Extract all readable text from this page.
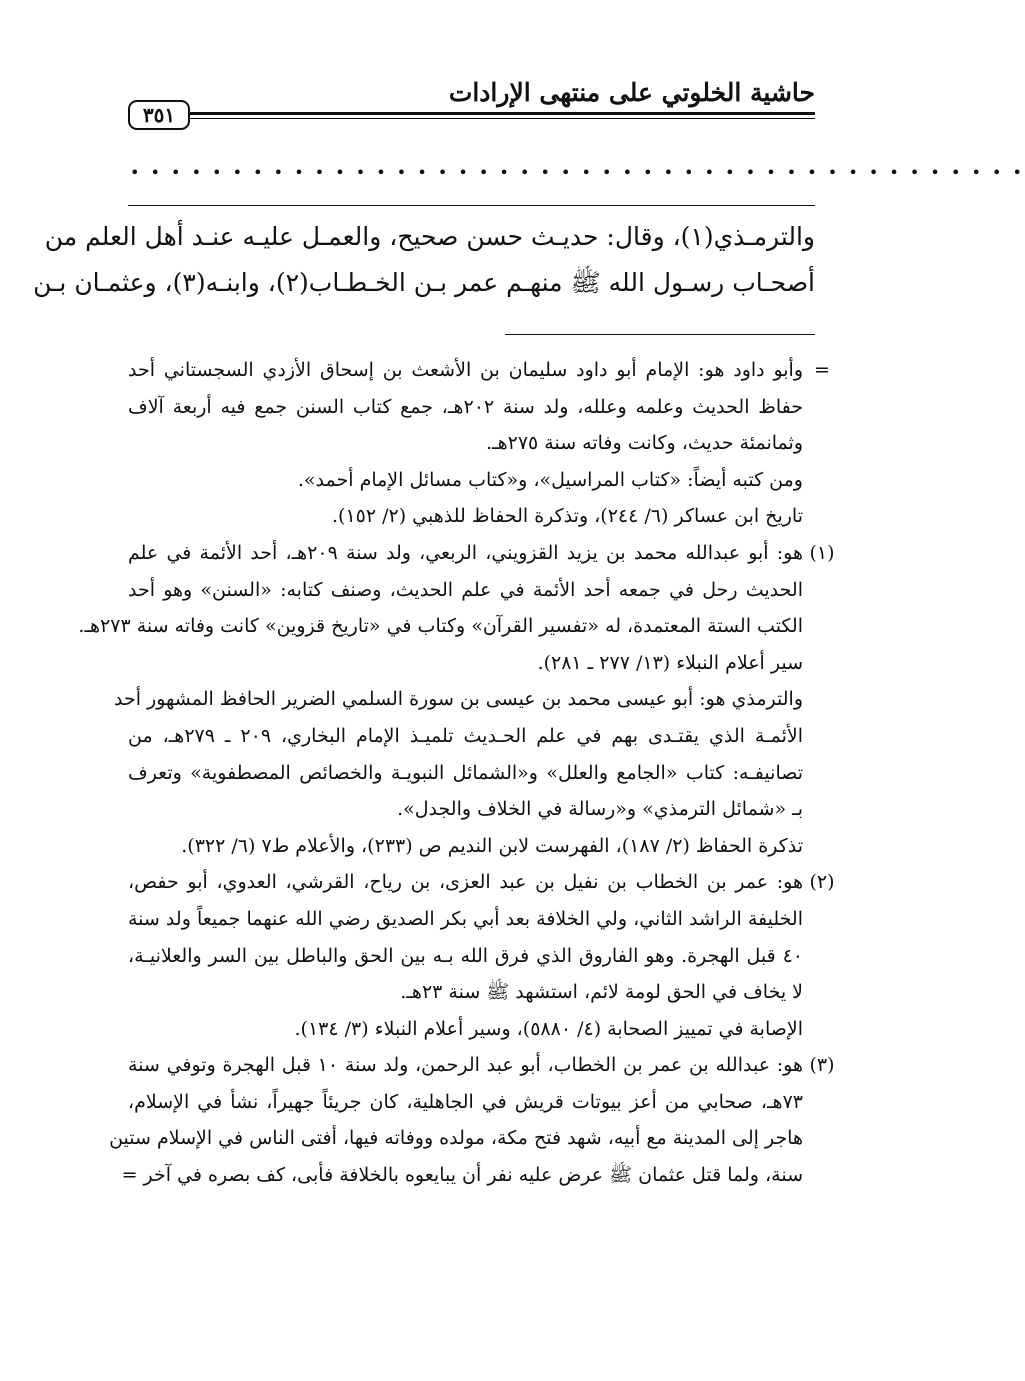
حاشية الخلوتي على منتهى الإرادات
٣٥١
• • • • • • • • • • • • • • • • • • • • • • • • • • • • • • • • • • • • • • • • • • • •
والترمـذي(١)، وقال: حديـث حسن صحيح، والعمـل عليـه عنـد أهل العلم من
أصحـاب رسـول الله ﷺ منهـم عمر بـن الخـطـاب(٢)، وابنـه(٣)، وعثمـان بـن
=
وأبو داود هو: الإمام أبو داود سليمان بن الأشعث بن إسحاق الأزدي السجستاني أحد
حفاظ الحديث وعلمه وعلله، ولد سنة ٢٠٢هـ، جمع كتاب السنن جمع فيه أربعة آلاف
وثمانمئة حديث، وكانت وفاته سنة ٢٧٥هـ.
ومن كتبه أيضاً: «كتاب المراسيل»، و«كتاب مسائل الإمام أحمد».
تاريخ ابن عساكر (٦/ ٢٤٤)، وتذكرة الحفاظ للذهبي (٢/ ١٥٢).
(١)
هو: أبو عبدالله محمد بن يزيد القزويني، الربعي، ولد سنة ٢٠٩هـ، أحد الأئمة في علم
الحديث رحل في جمعه أحد الأئمة في علم الحديث، وصنف كتابه: «السنن» وهو أحد
الكتب الستة المعتمدة، له «تفسير القرآن» وكتاب في «تاريخ قزوين» كانت وفاته سنة ٢٧٣هـ.
سير أعلام النبلاء (١٣/ ٢٧٧ ـ ٢٨١).
والترمذي هو: أبو عيسى محمد بن عيسى بن سورة السلمي الضرير الحافظ المشهور أحد
الأئمـة الذي يقتـدى بهم في علم الحـديث تلميـذ الإمام البخاري، ٢٠٩ ـ ٢٧٩هـ، من
تصانيفـه: كتاب «الجامع والعلل» و«الشمائل النبويـة والخصائص المصطفوية» وتعرف
بـ «شمائل الترمذي» و«رسالة في الخلاف والجدل».
تذكرة الحفاظ (٢/ ١٨٧)، الفهرست لابن النديم ص (٢٣٣)، والأعلام ط٧ (٦/ ٣٢٢).
(٢)
هو: عمر بن الخطاب بن نفيل بن عبد العزى، بن رياح، القرشي، العدوي، أبو حفص،
الخليفة الراشد الثاني، ولي الخلافة بعد أبي بكر الصديق رضي الله عنهما جميعاً ولد سنة
٤٠ قبل الهجرة. وهو الفاروق الذي فرق الله بـه بين الحق والباطل بين السر والعلانيـة،
لا يخاف في الحق لومة لائم، استشهد ﷺ سنة ٢٣هـ.
الإصابة في تمييز الصحابة (٤/ ٥٨٨٠)، وسير أعلام النبلاء (٣/ ١٣٤).
(٣)
هو: عبدالله بن عمر بن الخطاب، أبو عبد الرحمن، ولد سنة ١٠ قبل الهجرة وتوفي سنة
٧٣هـ، صحابي من أعز بيوتات قريش في الجاهلية، كان جريئاً جهيراً، نشأ في الإسلام،
هاجر إلى المدينة مع أبيه، شهد فتح مكة، مولده ووفاته فيها، أفتى الناس في الإسلام ستين
سنة، ولما قتل عثمان ﷺ عرض عليه نفر أن يبايعوه بالخلافة فأبى، كف بصره في آخر =
